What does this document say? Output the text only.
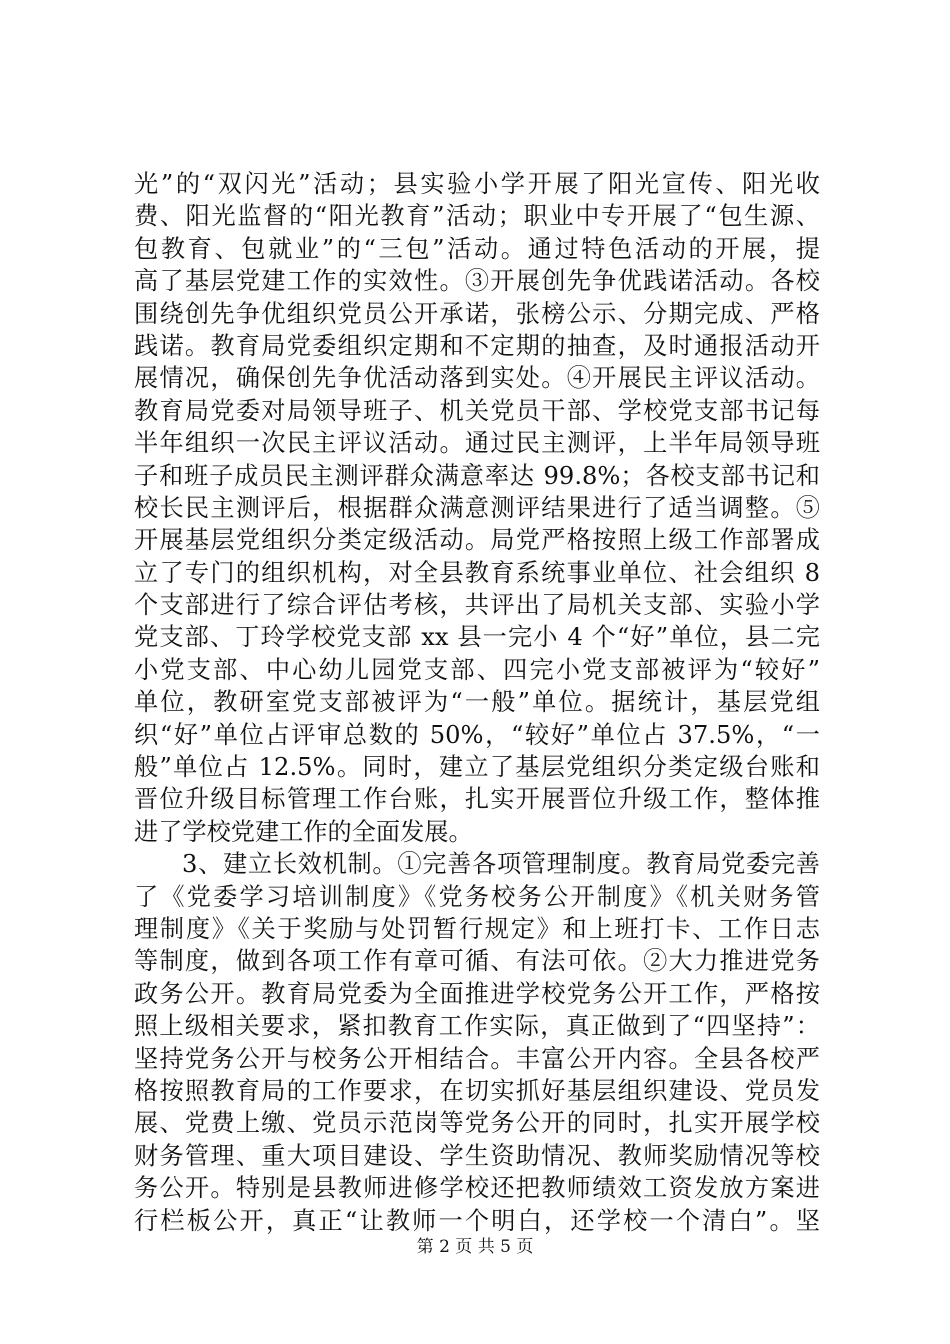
光”的“双闪光”活动；县实验小学开展了阳光宣传、阳光收
费、阳光监督的“阳光教育”活动；职业中专开展了“包生源、
包教育、包就业”的“三包”活动。通过特色活动的开展，提
高了基层党建工作的实效性。③开展创先争优践诺活动。各校
围绕创先争优组织党员公开承诺，张榜公示、分期完成、严格
践诺。教育局党委组织定期和不定期的抽查，及时通报活动开
展情况，确保创先争优活动落到实处。④开展民主评议活动。
教育局党委对局领导班子、机关党员干部、学校党支部书记每
半年组织一次民主评议活动。通过民主测评，上半年局领导班
子和班子成员民主测评群众满意率达 99.8%；各校支部书记和
校长民主测评后，根据群众满意测评结果进行了适当调整。⑤
开展基层党组织分类定级活动。局党严格按照上级工作部署成
立了专门的组织机构，对全县教育系统事业单位、社会组织 8
个支部进行了综合评估考核，共评出了局机关支部、实验小学
党支部、丁玲学校党支部 xx 县一完小 4 个“好”单位，县二完
小党支部、中心幼儿园党支部、四完小党支部被评为“较好”
单位，教研室党支部被评为“一般”单位。据统计，基层党组
织“好”单位占评审总数的 50%，“较好”单位占 37.5%，“一
般”单位占 12.5%。同时，建立了基层党组织分类定级台账和
晋位升级目标管理工作台账，扎实开展晋位升级工作，整体推
进了学校党建工作的全面发展。
3、建立长效机制。①完善各项管理制度。教育局党委完善
了《党委学习培训制度》《党务校务公开制度》《机关财务管
理制度》《关于奖励与处罚暂行规定》和上班打卡、工作日志
等制度，做到各项工作有章可循、有法可依。②大力推进党务
政务公开。教育局党委为全面推进学校党务公开工作，严格按
照上级相关要求，紧扣教育工作实际，真正做到了“四坚持”：
坚持党务公开与校务公开相结合。丰富公开内容。全县各校严
格按照教育局的工作要求，在切实抓好基层组织建设、党员发
展、党费上缴、党员示范岗等党务公开的同时，扎实开展学校
财务管理、重大项目建设、学生资助情况、教师奖励情况等校
务公开。特别是县教师进修学校还把教师绩效工资发放方案进
行栏板公开，真正“让教师一个明白，还学校一个清白”。坚
第 2 页 共 5 页
